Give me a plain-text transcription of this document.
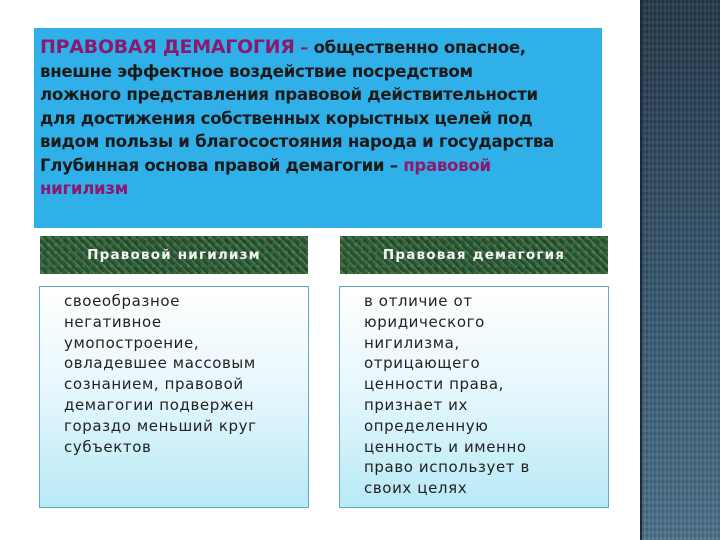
ПРАВОВАЯ ДЕМАГОГИЯ – общественно опасное,
внешне эффектное воздействие посредством
ложного представления правовой действительности
для достижения собственных корыстных целей под
видом пользы и благосостояния народа и государства
Глубинная основа правой демагогии – правовой
нигилизм
Правовой нигилизм	Правовая демагогия
своеобразное
негативное
умопостроение,
овладевшее массовым
сознанием, правовой
демагогии подвержен
гораздо меньший круг
субъектов
в отличие от
юридического
нигилизма,
отрицающего
ценности права,
признает их
определенную
ценность и именно
право использует в
своих целях
